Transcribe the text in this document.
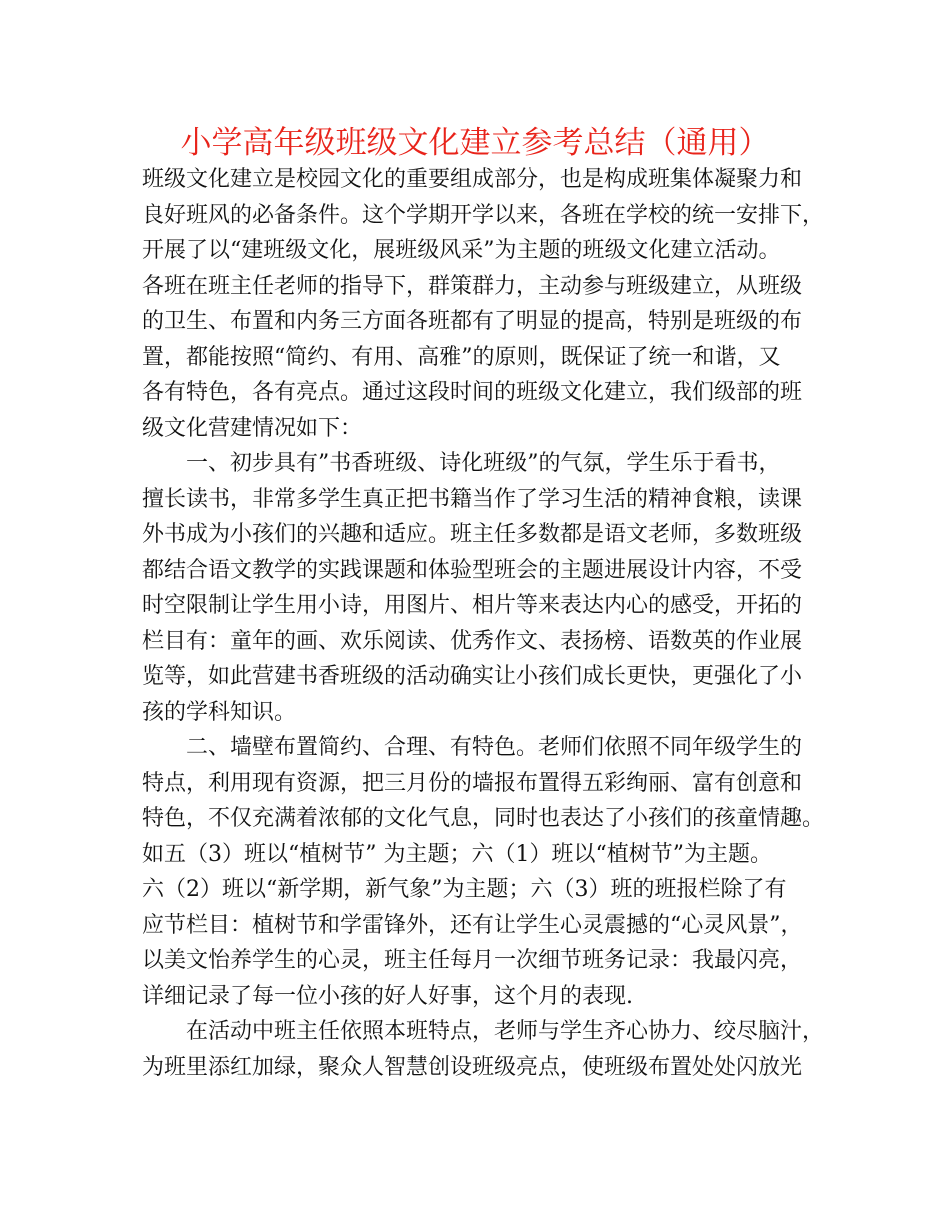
小学高年级班级文化建立参考总结（通用）
班级文化建立是校园文化的重要组成部分，也是构成班集体凝聚力和
良好班风的必备条件。这个学期开学以来，各班在学校的统一安排下，
开展了以“建班级文化，展班级风采”为主题的班级文化建立活动。
各班在班主任老师的指导下，群策群力，主动参与班级建立，从班级
的卫生、布置和内务三方面各班都有了明显的提高，特别是班级的布
置，都能按照“简约、有用、高雅”的原则，既保证了统一和谐，又
各有特色，各有亮点。通过这段时间的班级文化建立，我们级部的班
级文化营建情况如下：
一、初步具有”书香班级、诗化班级”的气氛，学生乐于看书，
擅长读书，非常多学生真正把书籍当作了学习生活的精神食粮，读课
外书成为小孩们的兴趣和适应。班主任多数都是语文老师，多数班级
都结合语文教学的实践课题和体验型班会的主题进展设计内容，不受
时空限制让学生用小诗，用图片、相片等来表达内心的感受，开拓的
栏目有：童年的画、欢乐阅读、优秀作文、表扬榜、语数英的作业展
览等，如此营建书香班级的活动确实让小孩们成长更快，更强化了小
孩的学科知识。
二、墙壁布置简约、合理、有特色。老师们依照不同年级学生的
特点，利用现有资源，把三月份的墙报布置得五彩绚丽、富有创意和
特色，不仅充满着浓郁的文化气息，同时也表达了小孩们的孩童情趣。
如五（3）班以“植树节” 为主题；六（1）班以“植树节”为主题。
六（2）班以“新学期，新气象”为主题；六（3）班的班报栏除了有
应节栏目：植树节和学雷锋外，还有让学生心灵震撼的“心灵风景”，
以美文怡养学生的心灵，班主任每月一次细节班务记录：我最闪亮，
详细记录了每一位小孩的好人好事，这个月的表现.
在活动中班主任依照本班特点，老师与学生齐心协力、绞尽脑汁，
为班里添红加绿，聚众人智慧创设班级亮点，使班级布置处处闪放光
